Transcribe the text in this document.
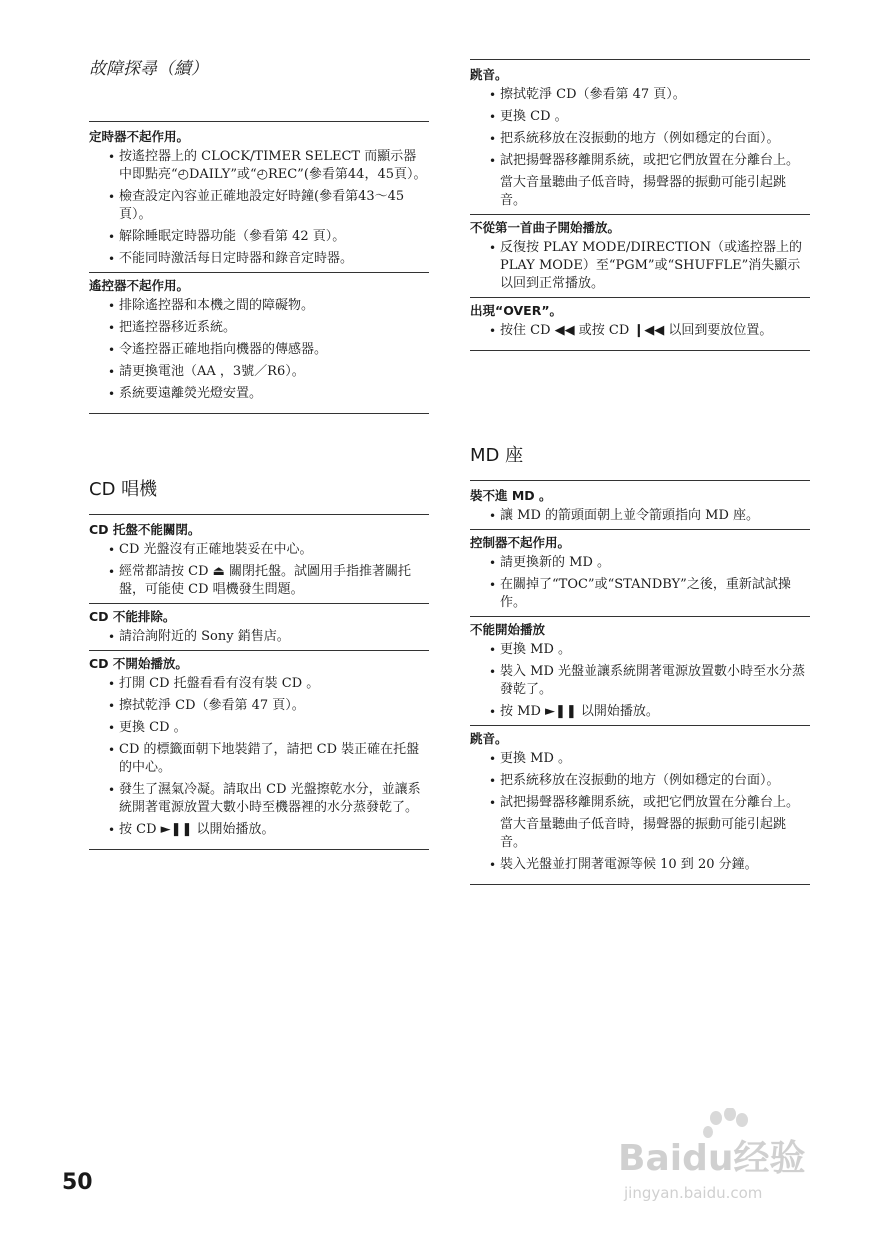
故障探尋（續）
定時器不起作用。
• 按遙控器上的 CLOCK/TIMER SELECT 而顯示器中即點亮“◴DAILY”或“◴REC”(參看第44，45頁）。
• 檢查設定內容並正確地設定好時鐘(參看第43～45頁）。
• 解除睡眠定時器功能（參看第 42 頁）。
• 不能同時激活每日定時器和錄音定時器。
遙控器不起作用。
• 排除遙控器和本機之間的障礙物。
• 把遙控器移近系統。
• 令遙控器正確地指向機器的傳感器。
• 請更換電池（AA ，3號／R6）。
• 系統要遠離熒光燈安置。
CD 唱機
CD 托盤不能關閉。
• CD 光盤沒有正確地裝妥在中心。
• 經常都請按 CD ⏏ 關閉托盤。試圖用手指推著關托盤，可能使 CD 唱機發生問題。
CD 不能排除。
• 請洽詢附近的 Sony 銷售店。
CD 不開始播放。
• 打開 CD 托盤看看有沒有裝 CD 。
• 擦拭乾淨 CD（參看第 47 頁）。
• 更換 CD 。
• CD 的標籤面朝下地裝錯了，請把 CD 裝正確在托盤的中心。
• 發生了濕氣冷凝。請取出 CD 光盤擦乾水分，並讓系統開著電源放置大數小時至機器裡的水分蒸發乾了。
• 按 CD ►❚❚ 以開始播放。
跳音。
• 擦拭乾淨 CD（參看第 47 頁）。
• 更換 CD 。
• 把系統移放在沒振動的地方（例如穩定的台面）。
• 試把揚聲器移離開系統，或把它們放置在分離台上。
當大音量聽曲子低音時，揚聲器的振動可能引起跳音。
不從第一首曲子開始播放。
• 反復按 PLAY MODE/DIRECTION（或遙控器上的 PLAY MODE）至“PGM”或“SHUFFLE”消失顯示以回到正常播放。
出現“OVER”。
• 按住 CD ◀◀ 或按 CD ❙◀◀ 以回到要放位置。
MD 座
裝不進 MD 。
• 讓 MD 的箭頭面朝上並令箭頭指向 MD 座。
控制器不起作用。
• 請更換新的 MD 。
• 在關掉了“TOC”或“STANDBY”之後，重新試試操作。
不能開始播放
• 更換 MD 。
• 裝入 MD 光盤並讓系統開著電源放置數小時至水分蒸發乾了。
• 按 MD ►❚❚ 以開始播放。
跳音。
• 更換 MD 。
• 把系統移放在沒振動的地方（例如穩定的台面）。
• 試把揚聲器移離開系統，或把它們放置在分離台上。
當大音量聽曲子低音時，揚聲器的振動可能引起跳音。
• 裝入光盤並打開著電源等候 10 到 20 分鐘。
50
Baidu经验
jingyan.baidu.com
